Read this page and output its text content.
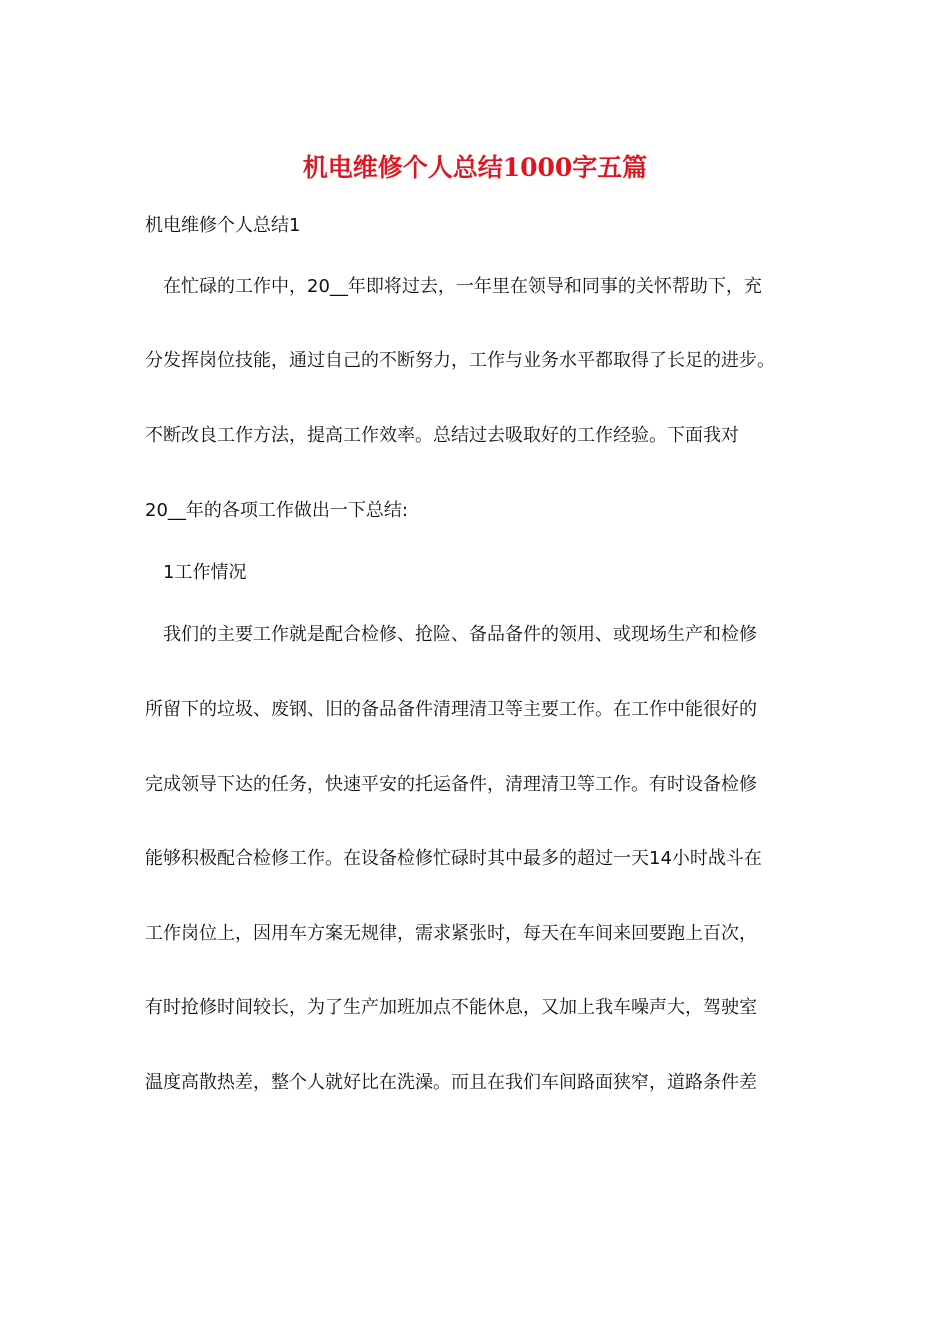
机电维修个人总结1000字五篇

机电维修个人总结1

在忙碌的工作中，20__年即将过去，一年里在领导和同事的关怀帮助下，充

分发挥岗位技能，通过自己的不断努力，工作与业务水平都取得了长足的进步。

不断改良工作方法，提高工作效率。总结过去吸取好的工作经验。下面我对

20__年的各项工作做出一下总结:

1工作情况

我们的主要工作就是配合检修、抢险、备品备件的领用、或现场生产和检修

所留下的垃圾、废钢、旧的备品备件清理清卫等主要工作。在工作中能很好的

完成领导下达的任务，快速平安的托运备件，清理清卫等工作。有时设备检修

能够积极配合检修工作。在设备检修忙碌时其中最多的超过一天14小时战斗在

工作岗位上，因用车方案无规律，需求紧张时，每天在车间来回要跑上百次，

有时抢修时间较长，为了生产加班加点不能休息，又加上我车噪声大，驾驶室

温度高散热差，整个人就好比在洗澡。而且在我们车间路面狭窄，道路条件差
